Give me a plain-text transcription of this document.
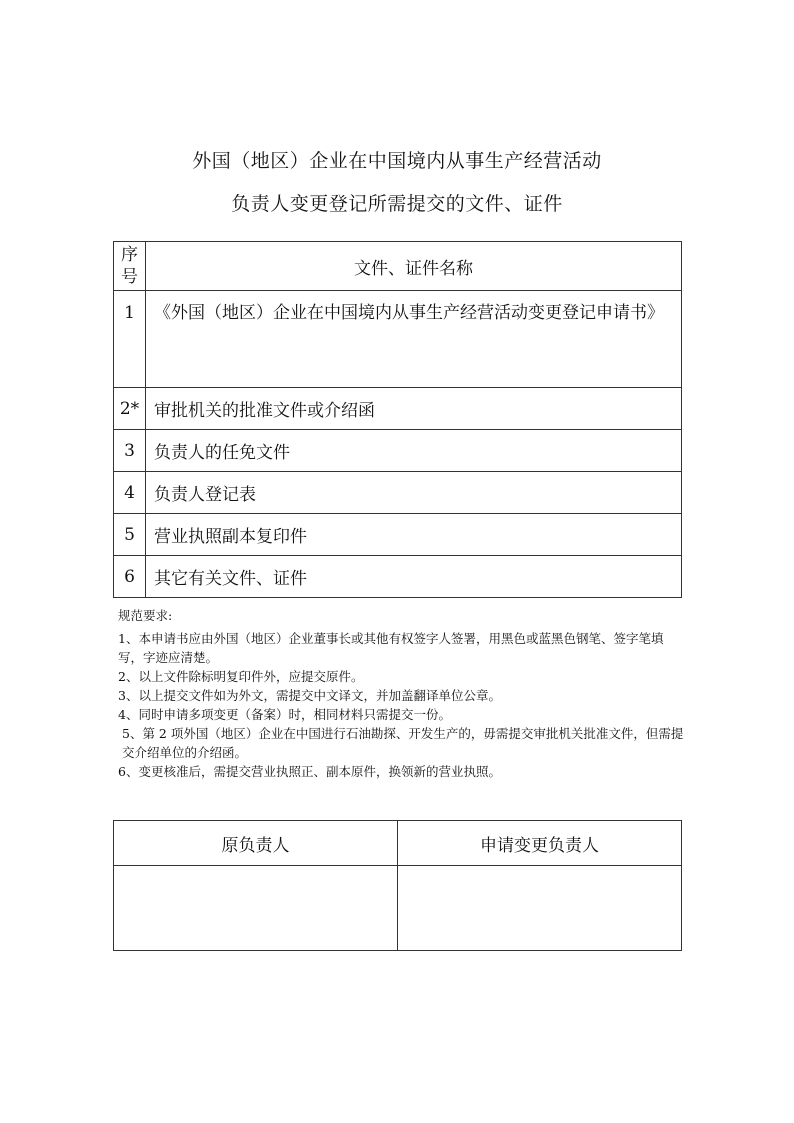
外国（地区）企业在中国境内从事生产经营活动
负责人变更登记所需提交的文件、证件
序
号	文件、证件名称
1	《外国（地区）企业在中国境内从事生产经营活动变更登记申请书》
2*	审批机关的批准文件或介绍函
3	负责人的任免文件
4	负责人登记表
5	营业执照副本复印件
6	其它有关文件、证件
规范要求:
1、本申请书应由外国（地区）企业董事长或其他有权签字人签署，用黑色或蓝黑色钢笔、签字笔填写，字迹应清楚。
2、以上文件除标明复印件外，应提交原件。
3、以上提交文件如为外文，需提交中文译文，并加盖翻译单位公章。
4、同时申请多项变更（备案）时，相同材料只需提交一份。
5、第 2 项外国（地区）企业在中国进行石油勘探、开发生产的，毋需提交审批机关批准文件，但需提交介绍单位的介绍函。
6、变更核准后，需提交营业执照正、副本原件，换领新的营业执照。
原负责人	申请变更负责人
